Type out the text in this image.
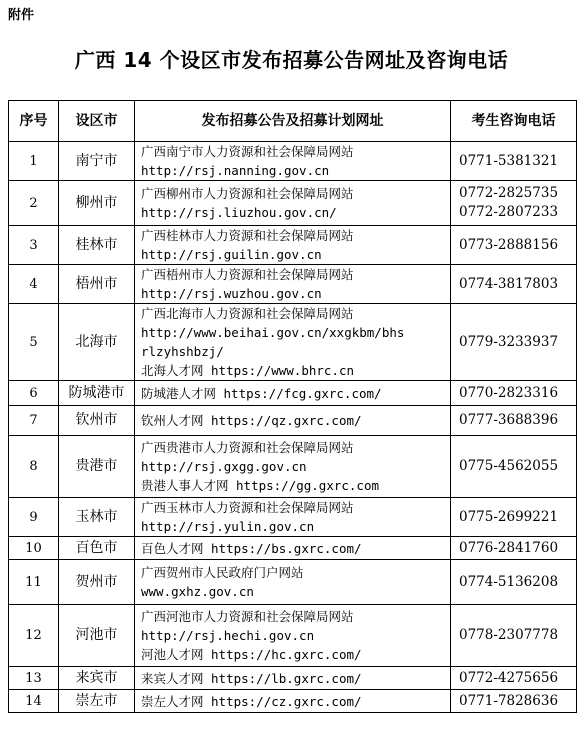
附件
广西 14 个设区市发布招募公告网址及咨询电话
序号	设区市	发布招募公告及招募计划网址	考生咨询电话
1	南宁市	广西南宁市人力资源和社会保障局网站
http://rsj.nanning.gov.cn	0771-5381321

2	柳州市	广西柳州市人力资源和社会保障局网站
http://rsj.liuzhou.gov.cn/	0772-2825735
0772-2807233

3	桂林市	广西桂林市人力资源和社会保障局网站
http://rsj.guilin.gov.cn	0773-2888156

4	梧州市	广西梧州市人力资源和社会保障局网站
http://rsj.wuzhou.gov.cn	0774-3817803

5	北海市	广西北海市人力资源和社会保障局网站
http://www.beihai.gov.cn/xxgkbm/bhs
rlzyhshbzj/
北海人才网 https://www.bhrc.cn	0779-3233937

6	防城港市	防城港人才网 https://fcg.gxrc.com/	0770-2823316

7	钦州市	钦州人才网 https://qz.gxrc.com/	0777-3688396

8	贵港市	广西贵港市人力资源和社会保障局网站
http://rsj.gxgg.gov.cn
贵港人事人才网 https://gg.gxrc.com	0775-4562055

9	玉林市	广西玉林市人力资源和社会保障局网站
http://rsj.yulin.gov.cn	0775-2699221

10	百色市	百色人才网 https://bs.gxrc.com/	0776-2841760

11	贺州市	广西贺州市人民政府门户网站
www.gxhz.gov.cn	0774-5136208

12	河池市	广西河池市人力资源和社会保障局网站
http://rsj.hechi.gov.cn
河池人才网 https://hc.gxrc.com/	0778-2307778

13	来宾市	来宾人才网 https://lb.gxrc.com/	0772-4275656

14	崇左市	崇左人才网 https://cz.gxrc.com/	0771-7828636
